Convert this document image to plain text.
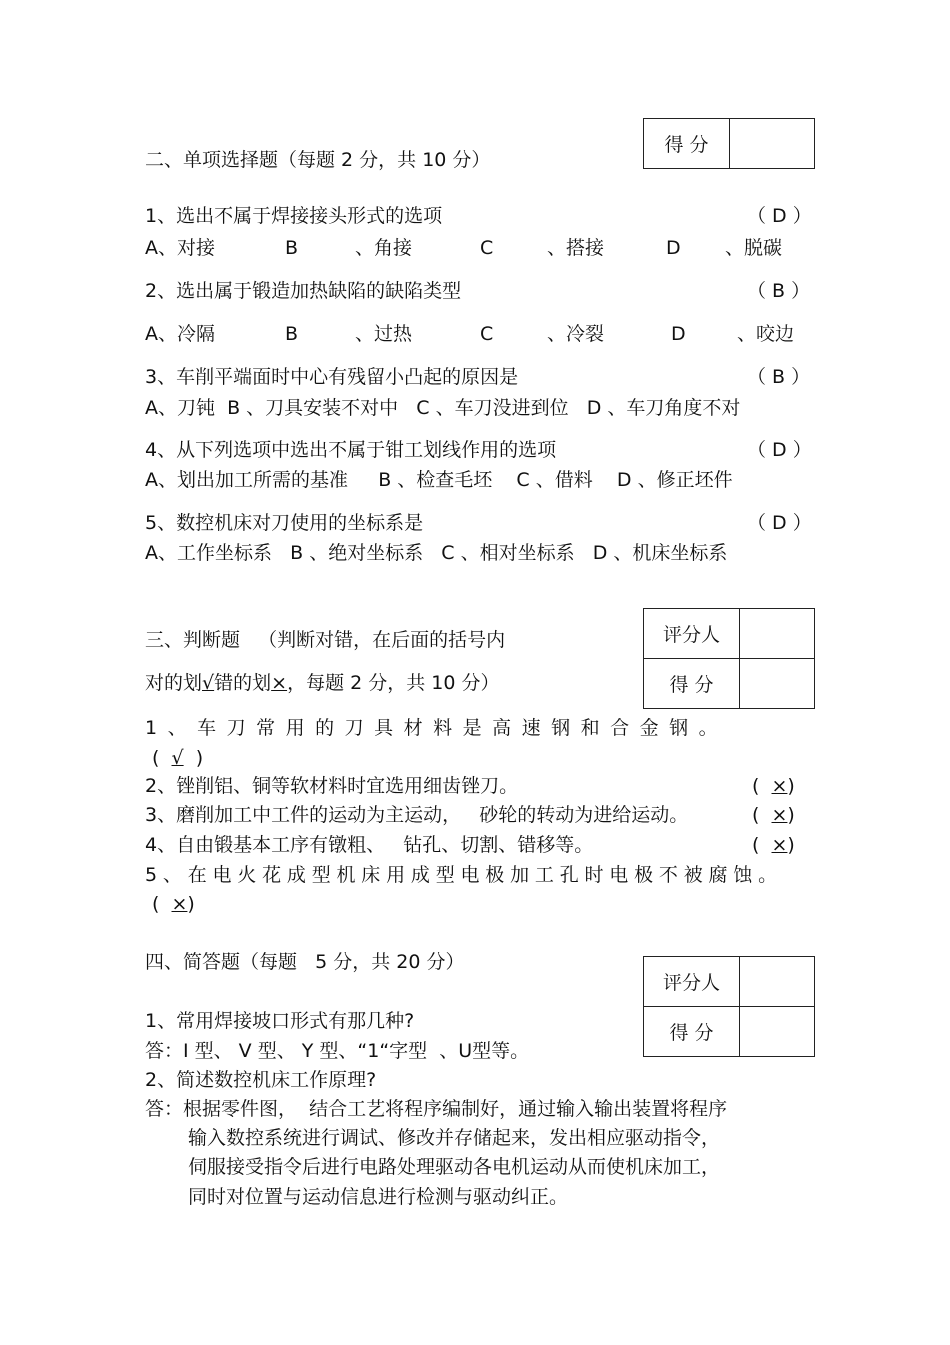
得 分	
二、单项选择题（每题 2 分，共 10 分）
1、选出不属于焊接接头形式的选项	（ D ）
A、对接	B	、角接	C	、搭接	D 、脱碳
2、选出属于锻造加热缺陷的缺陷类型	（ B ）
A、冷隔	B	、过热	C	、冷裂	D	、咬边
3、车削平端面时中心有残留小凸起的原因是	（ B ）
A、刀钝  B 、刀具安装不对中   C 、车刀没进到位   D 、车刀角度不对
4、从下列选项中选出不属于钳工划线作用的选项	（ D ）
A、划出加工所需的基准     B 、检查毛坯    C 、借料    D 、修正坯件
5、数控机床对刀使用的坐标系是	（ D ）
A、工作坐标系   B 、绝对坐标系   C 、相对坐标系   D 、机床坐标系
评分人	
得 分	
三、判断题   （判断对错，在后面的括号内
对的划√错的划×，每题 2 分，共 10 分）
1、车刀常用的刀具材料是高速钢和合金钢。
(  √  )
2、锉削铝、铜等软材料时宜选用细齿锉刀。	(  ×)
3、磨削加工中工件的运动为主运动，   砂轮的转动为进给运动。	(  ×)
4、自由锻基本工序有镦粗、   钻孔、切割、错移等。	(  ×)
5、在电火花成型机床用成型电极加工孔时电极不被腐蚀。
(  ×)
评分人	
得 分	
四、简答题（每题   5 分，共 20 分）
1、常用焊接坡口形式有那几种?
答：I 型、 V 型、 Y 型、“1“字型  、U型等。
2、简述数控机床工作原理?
答：根据零件图，  结合工艺将程序编制好，通过输入输出装置将程序
输入数控系统进行调试、修改并存储起来，发出相应驱动指令，
伺服接受指令后进行电路处理驱动各电机运动从而使机床加工，
同时对位置与运动信息进行检测与驱动纠正。
